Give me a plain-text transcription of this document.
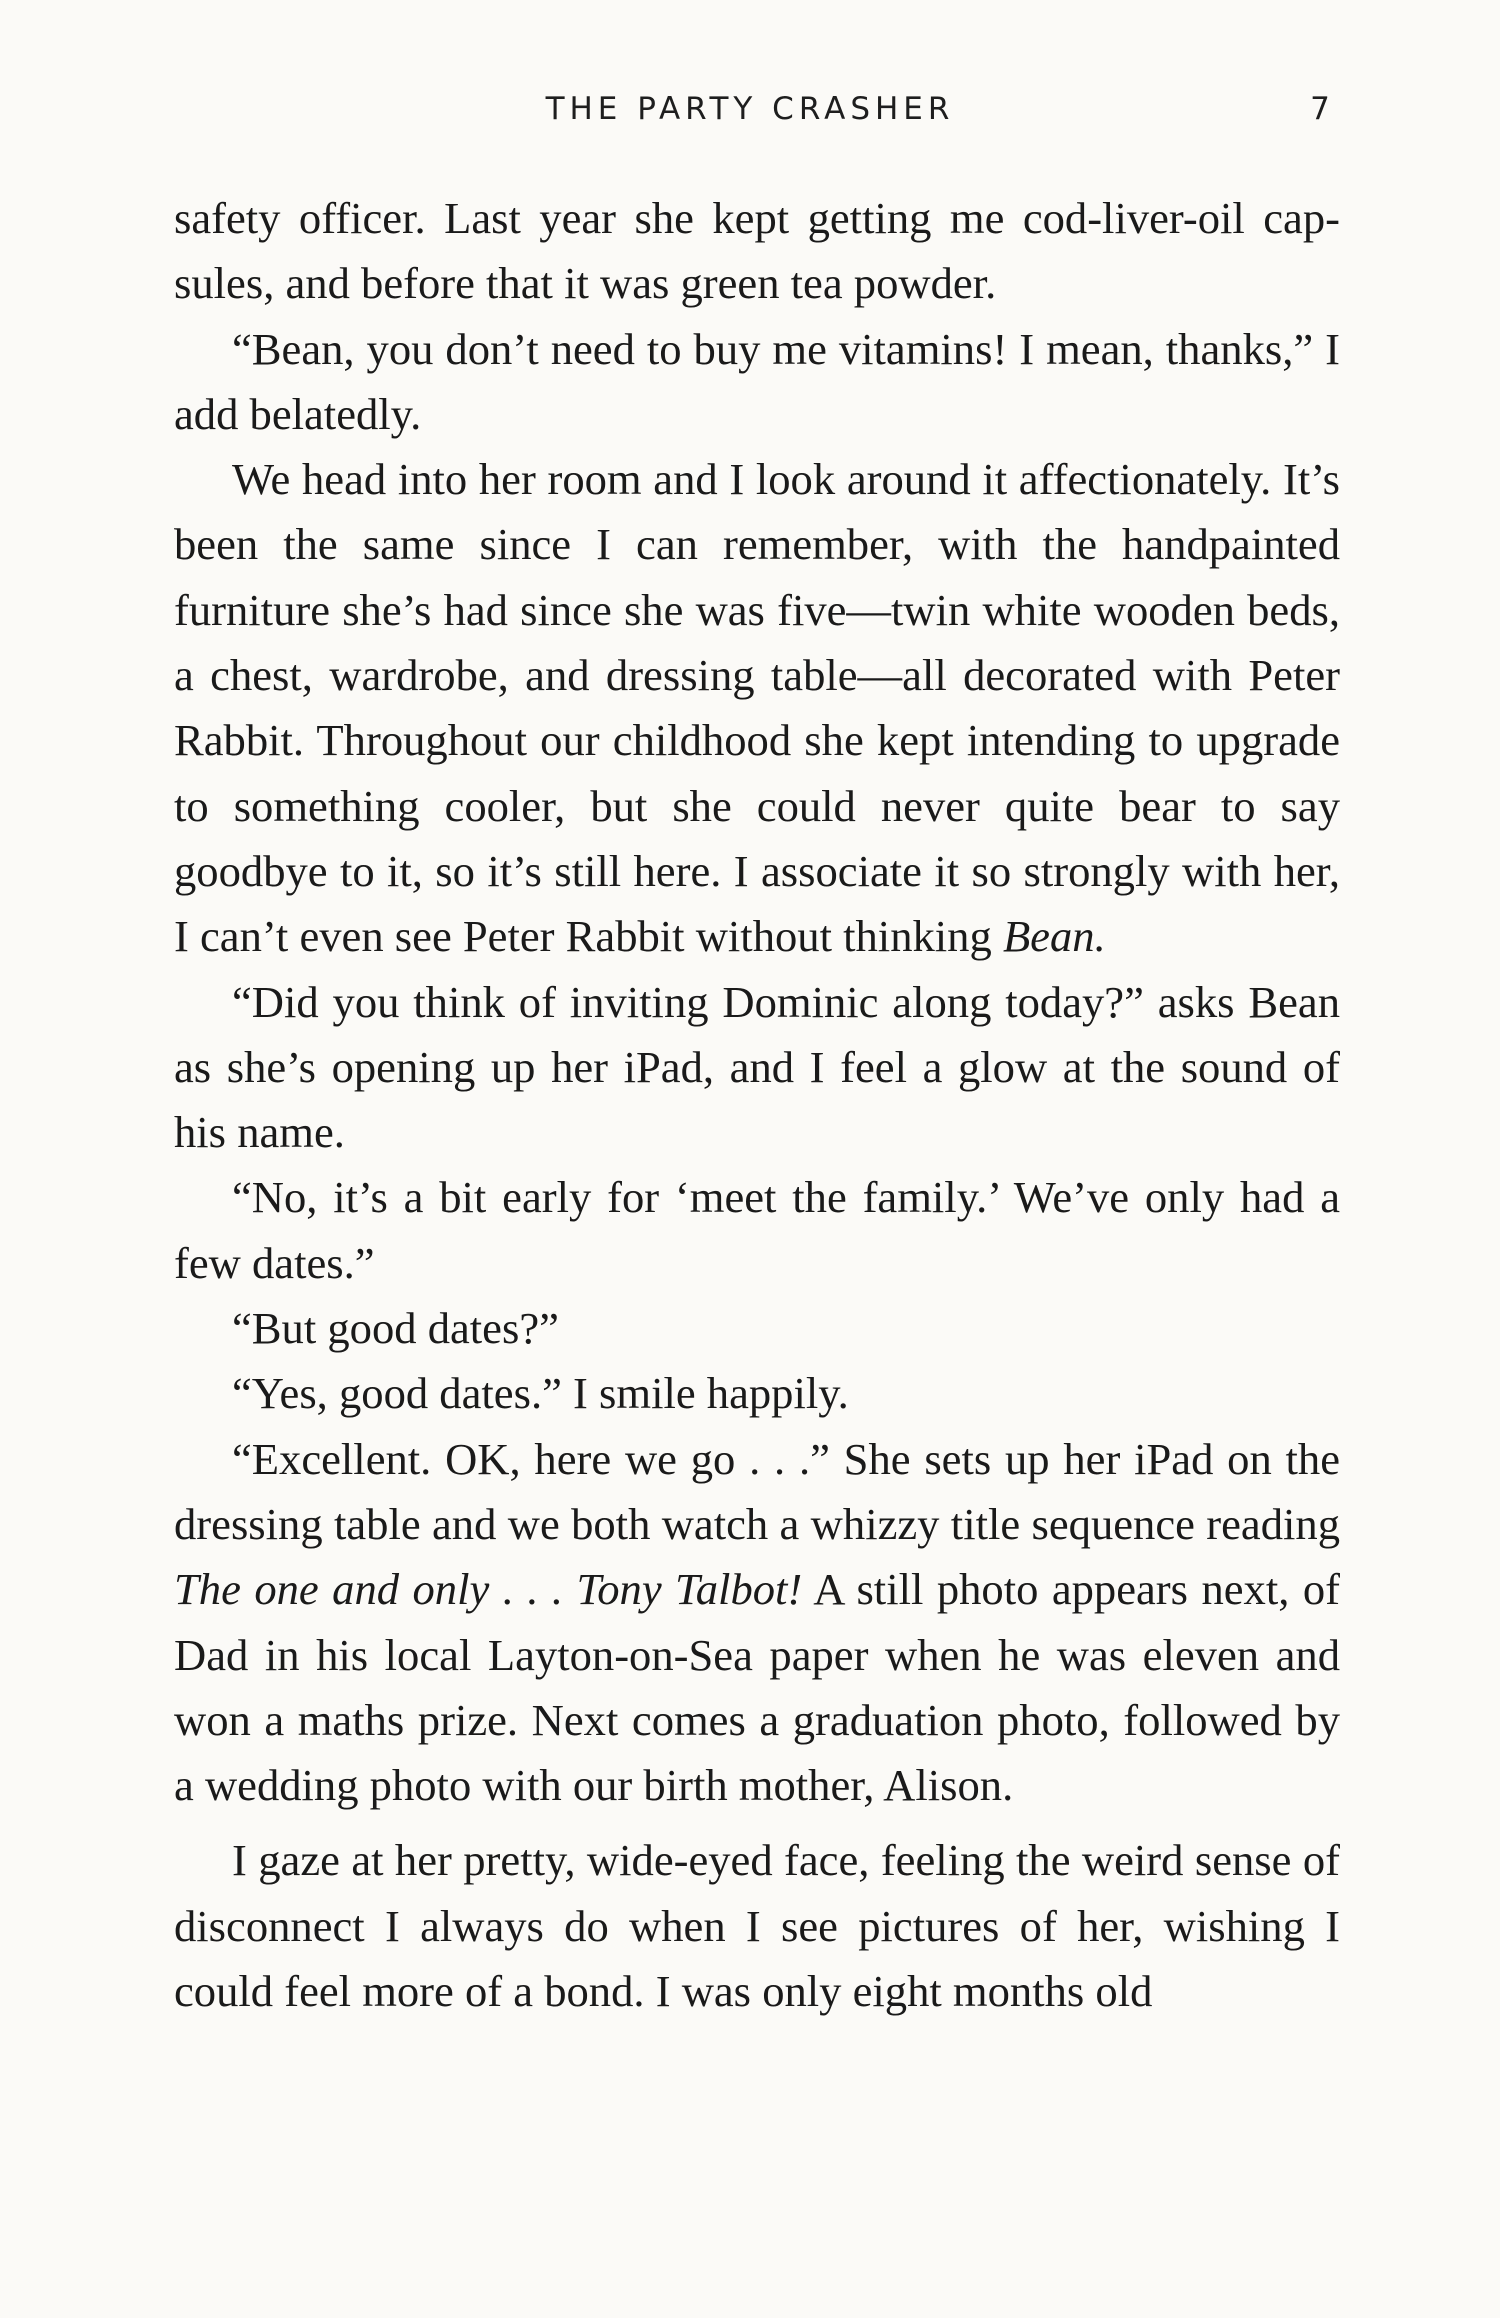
THE PARTY CRASHER	7

safety officer. Last year she kept getting me cod-liver-oil capsules, and before that it was green tea powder.

“Bean, you don’t need to buy me vitamins! I mean, thanks,” I add belatedly.

We head into her room and I look around it affectionately. It’s been the same since I can remember, with the handpainted furniture she’s had since she was five—twin white wooden beds, a chest, wardrobe, and dressing table—all decorated with Peter Rabbit. Throughout our childhood she kept intending to upgrade to something cooler, but she could never quite bear to say goodbye to it, so it’s still here. I associate it so strongly with her, I can’t even see Peter Rabbit without thinking Bean.

“Did you think of inviting Dominic along today?” asks Bean as she’s opening up her iPad, and I feel a glow at the sound of his name.

“No, it’s a bit early for ‘meet the family.’ We’ve only had a few dates.”

“But good dates?”

“Yes, good dates.” I smile happily.

“Excellent. OK, here we go . . .” She sets up her iPad on the dressing table and we both watch a whizzy title sequence reading The one and only . . . Tony Talbot! A still photo appears next, of Dad in his local Layton-on-Sea paper when he was eleven and won a maths prize. Next comes a graduation photo, followed by a wedding photo with our birth mother, Alison.

I gaze at her pretty, wide-eyed face, feeling the weird sense of disconnect I always do when I see pictures of her, wishing I could feel more of a bond. I was only eight months old
